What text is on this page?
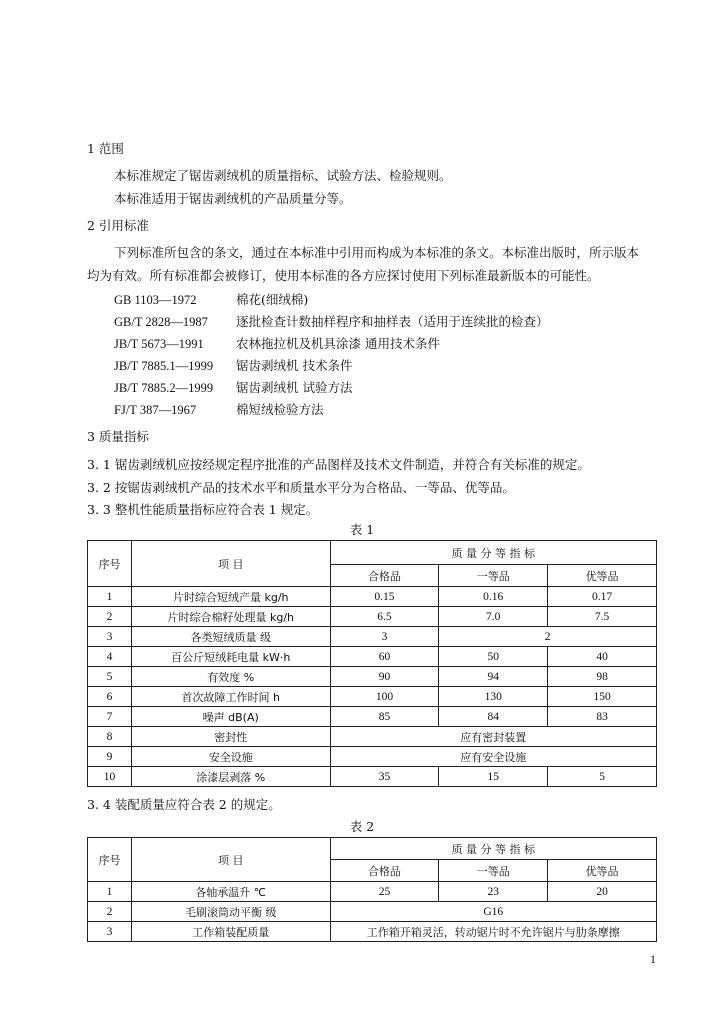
1 范围
本标准规定了锯齿剥绒机的质量指标、试验方法、检验规则。
本标准适用于锯齿剥绒机的产品质量分等。
2 引用标准
下列标准所包含的条文，通过在本标准中引用而构成为本标准的条文。本标准出版时，所示版本
均为有效。所有标准都会被修订，使用本标准的各方应探讨使用下列标准最新版本的可能性。
GB 1103—1972	棉花(细绒棉)
GB/T 2828—1987 逐批检查计数抽样程序和抽样表（适用于连续批的检查）
JB/T 5673—1991	农林拖拉机及机具涂漆 通用技术条件
JB/T 7885.1—1999 锯齿剥绒机 技术条件
JB/T 7885.2—1999 锯齿剥绒机 试验方法
FJ/T 387—1967	棉短绒检验方法
3 质量指标
3. 1 锯齿剥绒机应按经规定程序批准的产品图样及技术文件制造，并符合有关标准的规定。
3. 2 按锯齿剥绒机产品的技术水平和质量水平分为合格品、一等品、优等品。
3. 3 整机性能质量指标应符合表 1 规定。
表 1
序号	项 目	质 量 分 等 指 标		
		合格品	一等品	优等品
1	片时综合短绒产量 kg/h	0.15	0.16	0.17
2	片时综合棉籽处理量 kg/h	6.5	7.0	7.5
3	各类短绒质量 级	3	2	
4	百公斤短绒耗电量 kW·h	60	50	40
5	有效度 %	90	94	98
6	首次故障工作时间 h	100	130	150
7	噪声 dB(A)	85	84	83
8	密封性	应有密封装置		
9	安全设施	应有安全设施		
10	涂漆层剥落 %	35	15	5
3. 4 装配质量应符合表 2 的规定。
表 2
序号	项 目	质 量 分 等 指 标		
		合格品	一等品	优等品
1	各轴承温升 ℃	25	23	20
2	毛刷滚筒动平衡 级	G16		
3	工作箱装配质量	工作箱开箱灵活，转动锯片时不允许锯片与肋条摩擦		
1
